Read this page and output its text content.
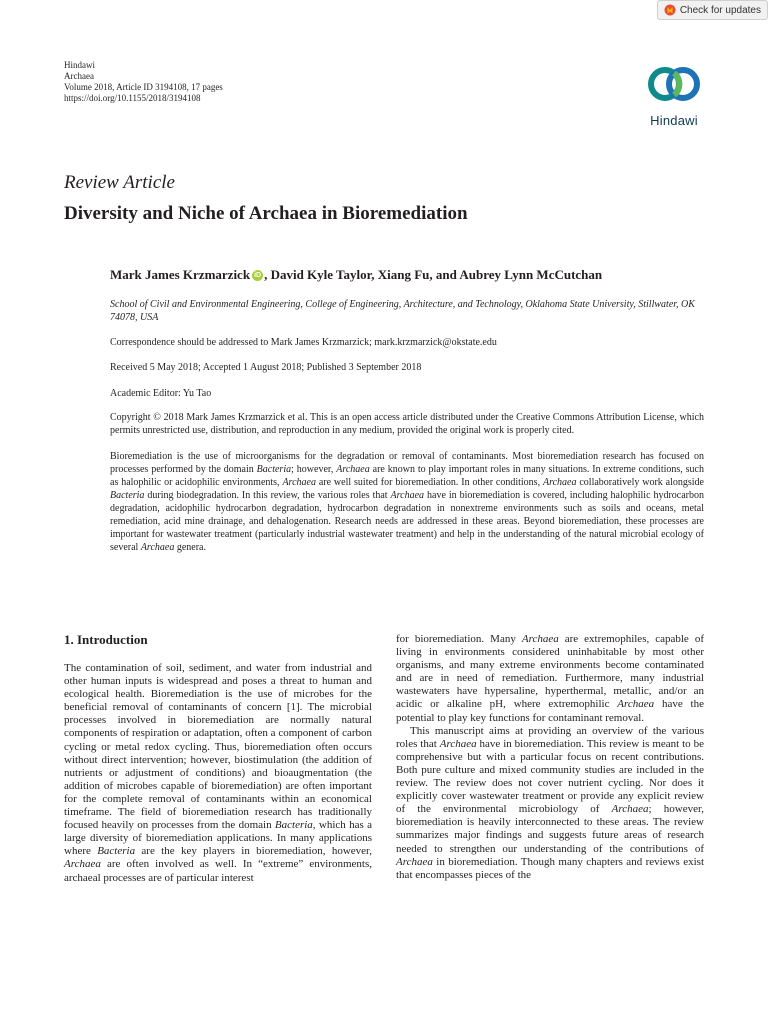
Check for updates
Hindawi
Archaea
Volume 2018, Article ID 3194108, 17 pages
https://doi.org/10.1155/2018/3194108
Hindawi
Review Article
Diversity and Niche of Archaea in Bioremediation
Mark James Krzmarzick iD , David Kyle Taylor, Xiang Fu, and Aubrey Lynn McCutchan
School of Civil and Environmental Engineering, College of Engineering, Architecture, and Technology, Oklahoma State University, Stillwater, OK 74078, USA
Correspondence should be addressed to Mark James Krzmarzick; mark.krzmarzick@okstate.edu
Received 5 May 2018; Accepted 1 August 2018; Published 3 September 2018
Academic Editor: Yu Tao
Copyright © 2018 Mark James Krzmarzick et al. This is an open access article distributed under the Creative Commons Attribution License, which permits unrestricted use, distribution, and reproduction in any medium, provided the original work is properly cited.
Bioremediation is the use of microorganisms for the degradation or removal of contaminants. Most bioremediation research has focused on processes performed by the domain Bacteria; however, Archaea are known to play important roles in many situations. In extreme conditions, such as halophilic or acidophilic environments, Archaea are well suited for bioremediation. In other conditions, Archaea collaboratively work alongside Bacteria during biodegradation. In this review, the various roles that Archaea have in bioremediation is covered, including halophilic hydrocarbon degradation, acidophilic hydrocarbon degradation, hydrocarbon degradation in nonextreme environments such as soils and oceans, metal remediation, acid mine drainage, and dehalogenation. Research needs are addressed in these areas. Beyond bioremediation, these processes are important for wastewater treatment (particularly industrial wastewater treatment) and help in the understanding of the natural microbial ecology of several Archaea genera.
1. Introduction

The contamination of soil, sediment, and water from industrial and other human inputs is widespread and poses a threat to human and ecological health. Bioremediation is the use of microbes for the beneficial removal of contaminants of concern [1]. The microbial processes involved in bioremediation are normally natural components of respiration or adaptation, often a component of carbon cycling or metal redox cycling. Thus, bioremediation often occurs without direct intervention; however, biostimulation (the addition of nutrients or adjustment of conditions) and bioaugmentation (the addition of microbes capable of bioremediation) are often important for the complete removal of contaminants within an economical timeframe. The field of bioremediation research has traditionally focused heavily on processes from the domain Bacteria, which has a large diversity of bioremediation applications. In many applications where Bacteria are the key players in bioremediation, however, Archaea are often involved as well. In “extreme” environments, archaeal processes are of particular interest

for bioremediation. Many Archaea are extremophiles, capable of living in environments considered uninhabitable by most other organisms, and many extreme environments become contaminated and are in need of remediation. Furthermore, many industrial wastewaters have hypersaline, hyperthermal, metallic, and/or an acidic or alkaline pH, where extremophilic Archaea have the potential to play key functions for contaminant removal.

This manuscript aims at providing an overview of the various roles that Archaea have in bioremediation. This review is meant to be comprehensive but with a particular focus on recent contributions. Both pure culture and mixed community studies are included in the review. The review does not cover nutrient cycling. Nor does it explicitly cover wastewater treatment or provide any explicit review of the environmental microbiology of Archaea; however, bioremediation is heavily interconnected to these areas. The review summarizes major findings and suggests future areas of research needed to strengthen our understanding of the contributions of Archaea in bioremediation. Though many chapters and reviews exist that encompasses pieces of the
